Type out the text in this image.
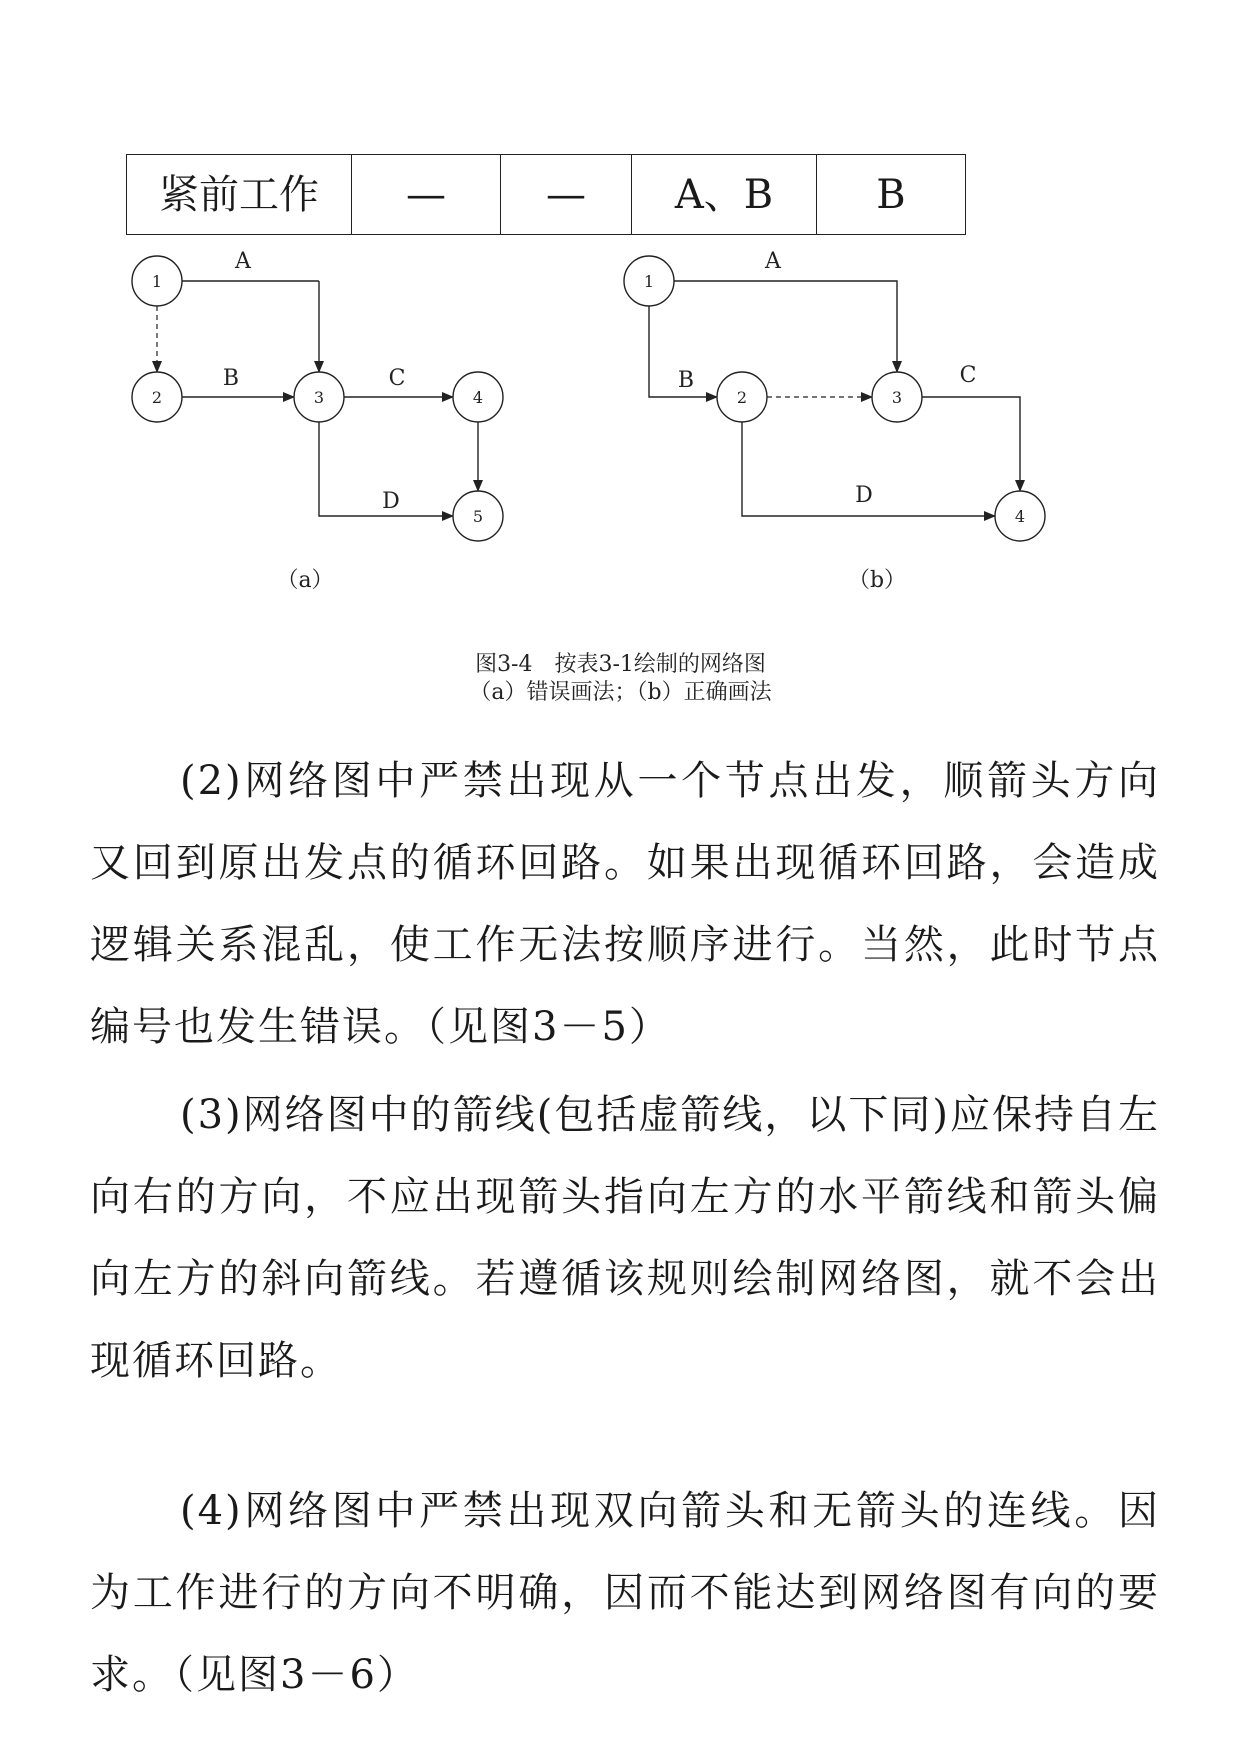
紧前工作	—	—	A、B	B
1
2	3	4
5
A
B	C
D
（a）
1
2	3
4
A
B	C
D
（b）
图3-4　按表3-1绘制的网络图
（a）错误画法；（b）正确画法
(2)网络图中严禁出现从一个节点出发，顺箭头方向又回到原出发点的循环回路。如果出现循环回路，会造成逻辑关系混乱，使工作无法按顺序进行。当然，此时节点编号也发生错误。（见图3－5）
(3)网络图中的箭线(包括虚箭线，以下同)应保持自左向右的方向，不应出现箭头指向左方的水平箭线和箭头偏向左方的斜向箭线。若遵循该规则绘制网络图，就不会出现循环回路。
(4)网络图中严禁出现双向箭头和无箭头的连线。因为工作进行的方向不明确，因而不能达到网络图有向的要求。（见图3－6）
